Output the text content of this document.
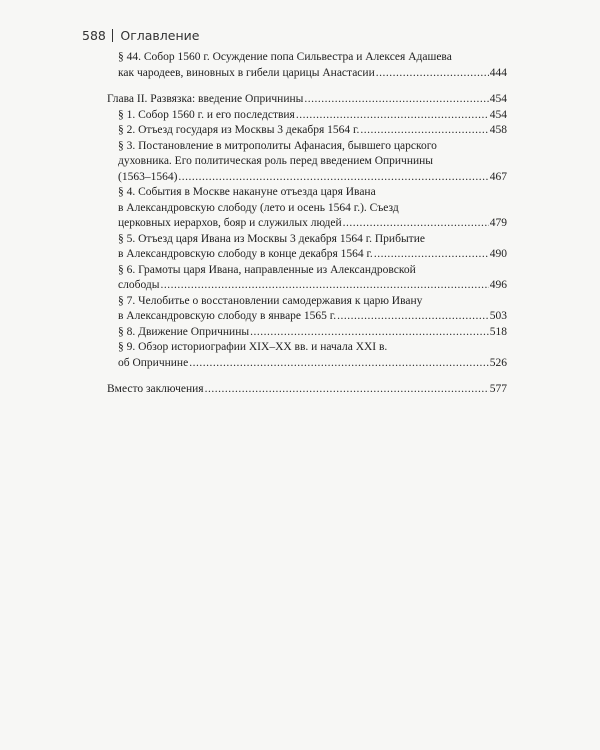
588 Оглавление
§ 44. Собор 1560 г. Осуждение попа Сильвестра и Алексея Адашева
как чародеев, виновных в гибели царицы Анастасии .....	444
Глава II. Развязка: введение Опричнины .....	454
§ 1. Собор 1560 г. и его последствия .....	454
§ 2. Отъезд государя из Москвы 3 декабря 1564 г. .....	458
§ 3. Постановление в митрополиты Афанасия, бывшего царского
духовника. Его политическая роль перед введением Опричнины
(1563–1564) .....	467
§ 4. События в Москве накануне отъезда царя Ивана
в Александровскую слободу (лето и осень 1564 г.). Съезд
церковных иерархов, бояр и служилых людей .....	479
§ 5. Отъезд царя Ивана из Москвы 3 декабря 1564 г. Прибытие
в Александровскую слободу в конце декабря 1564 г. .....	490
§ 6. Грамоты царя Ивана, направленные из Александровской
слободы .....	496
§ 7. Челобитье о восстановлении самодержавия к царю Ивану
в Александровскую слободу в январе 1565 г. .....	503
§ 8. Движение Опричнины .....	518
§ 9. Обзор историографии XIX–XX вв. и начала XXI в.
об Опричнине .....	526
Вместо заключения .....	577
